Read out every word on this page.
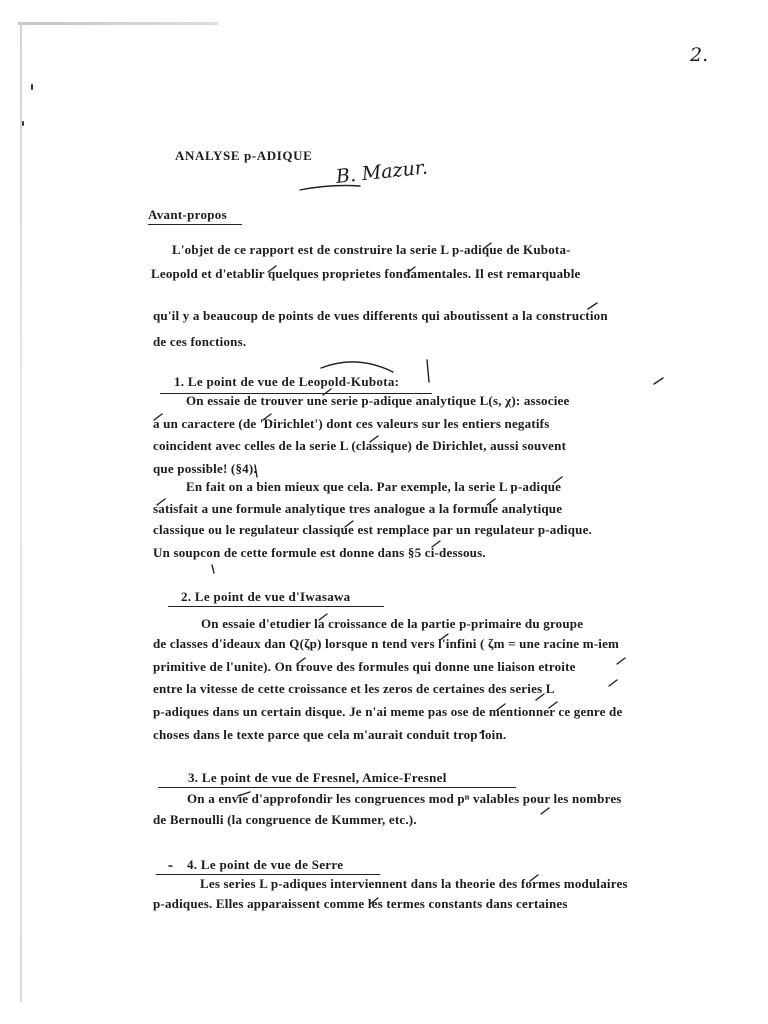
2.
ANALYSE p-ADIQUE
B. Mazur.
Avant-propos
L'objet de ce rapport est de construire la serie L p-adique de Kubota-
Leopold et d'etablir quelques proprietes fondamentales. Il est remarquable
qu'il y a beaucoup de points de vues differents qui aboutissent a la construction
de ces fonctions.
1. Le point de vue de Leopold-Kubota:
On essaie de trouver une serie p-adique analytique L(s, χ): associee
a un caractere (de 'Dirichlet') dont ces valeurs sur les entiers negatifs
coincident avec celles de la serie L (classique) de Dirichlet, aussi souvent
que possible! (§4).
En fait on a bien mieux que cela. Par exemple, la serie L p-adique
satisfait a une formule analytique tres analogue a la formule analytique
classique ou le regulateur classique est remplace par un regulateur p-adique.
Un soupcon de cette formule est donne dans §5 ci-dessous.
2. Le point de vue d'Iwasawa
On essaie d'etudier la croissance de la partie p-primaire du groupe
de classes d'ideaux dan Q(ζp) lorsque n tend vers l'infini ( ζm = une racine m-iem
primitive de l'unite). On trouve des formules qui donne une liaison etroite
entre la vitesse de cette croissance et les zeros de certaines des series L
p-adiques dans un certain disque. Je n'ai meme pas ose de mentionner ce genre de
choses dans le texte parce que cela m'aurait conduit trop loin.
3. Le point de vue de Fresnel, Amice-Fresnel
On a envie d'approfondir les congruences mod pⁿ valables pour les nombres
de Bernoulli (la congruence de Kummer, etc.).
4. Le point de vue de Serre
Les series L p-adiques interviennent dans la theorie des formes modulaires
p-adiques. Elles apparaissent comme les termes constants dans certaines
